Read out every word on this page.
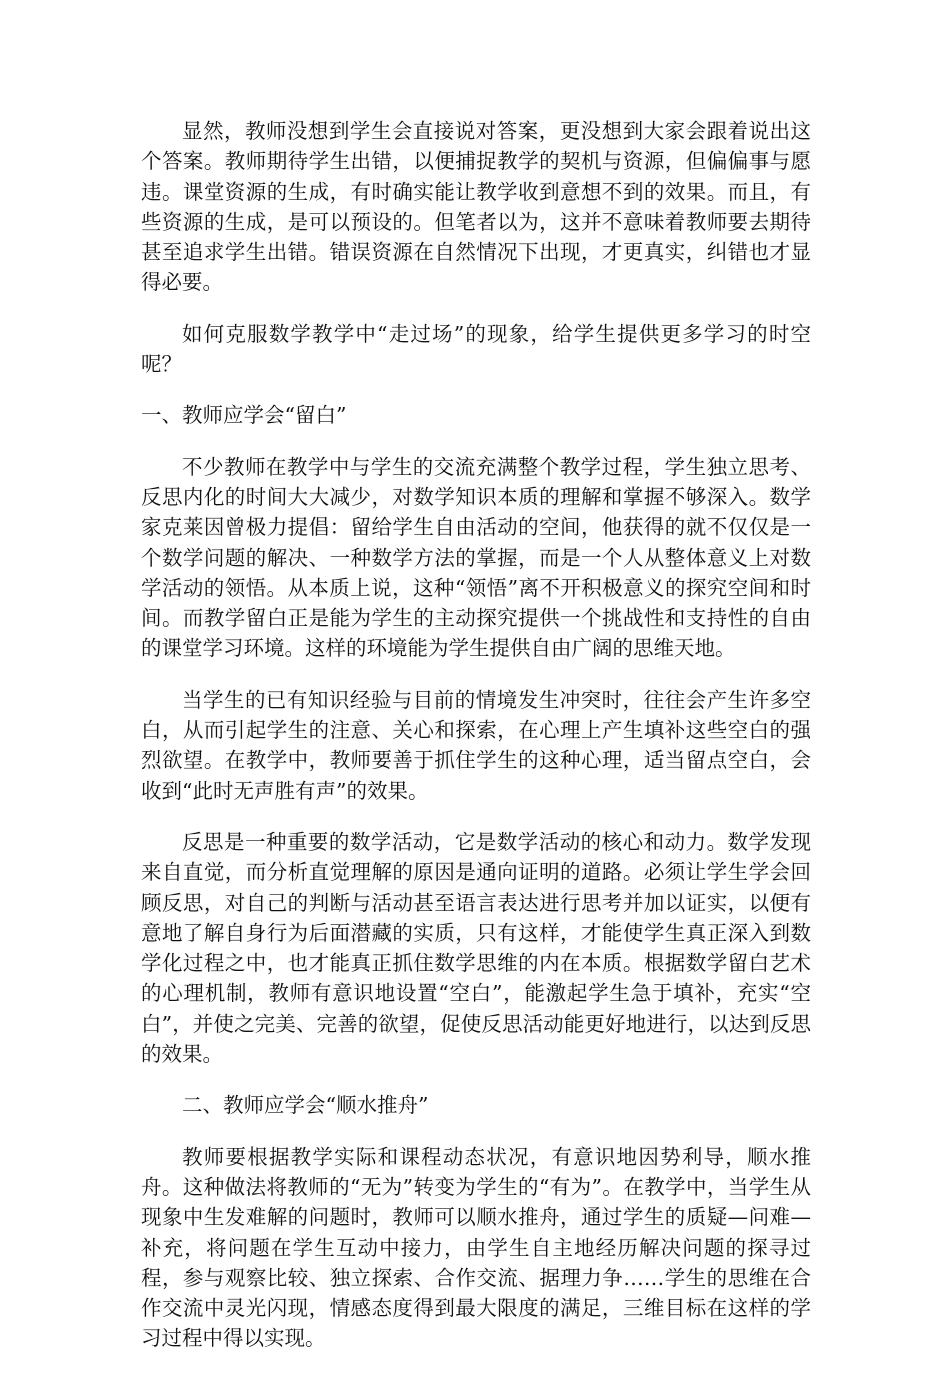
显然，教师没想到学生会直接说对答案，更没想到大家会跟着说出这个答案。教师期待学生出错，以便捕捉教学的契机与资源，但偏偏事与愿违。课堂资源的生成，有时确实能让教学收到意想不到的效果。而且，有些资源的生成，是可以预设的。但笔者以为，这并不意味着教师要去期待甚至追求学生出错。错误资源在自然情况下出现，才更真实，纠错也才显得必要。

如何克服数学教学中“走过场”的现象，给学生提供更多学习的时空呢？

一、教师应学会“留白”

不少教师在教学中与学生的交流充满整个教学过程，学生独立思考、反思内化的时间大大减少，对数学知识本质的理解和掌握不够深入。数学家克莱因曾极力提倡：留给学生自由活动的空间，他获得的就不仅仅是一个数学问题的解决、一种数学方法的掌握，而是一个人从整体意义上对数学活动的领悟。从本质上说，这种“领悟”离不开积极意义的探究空间和时间。而教学留白正是能为学生的主动探究提供一个挑战性和支持性的自由的课堂学习环境。这样的环境能为学生提供自由广阔的思维天地。

当学生的已有知识经验与目前的情境发生冲突时，往往会产生许多空白，从而引起学生的注意、关心和探索，在心理上产生填补这些空白的强烈欲望。在教学中，教师要善于抓住学生的这种心理，适当留点空白，会收到“此时无声胜有声”的效果。

反思是一种重要的数学活动，它是数学活动的核心和动力。数学发现来自直觉，而分析直觉理解的原因是通向证明的道路。必须让学生学会回顾反思，对自己的判断与活动甚至语言表达进行思考并加以证实，以便有意地了解自身行为后面潜藏的实质，只有这样，才能使学生真正深入到数学化过程之中，也才能真正抓住数学思维的内在本质。根据数学留白艺术的心理机制，教师有意识地设置“空白”，能激起学生急于填补，充实“空白”，并使之完美、完善的欲望，促使反思活动能更好地进行，以达到反思的效果。

二、教师应学会“顺水推舟”

教师要根据教学实际和课程动态状况，有意识地因势利导，顺水推舟。这种做法将教师的“无为”转变为学生的“有为”。在教学中，当学生从现象中生发难解的问题时，教师可以顺水推舟，通过学生的质疑—问难—补充，将问题在学生互动中接力，由学生自主地经历解决问题的探寻过程，参与观察比较、独立探索、合作交流、据理力争……学生的思维在合作交流中灵光闪现，情感态度得到最大限度的满足，三维目标在这样的学习过程中得以实现。
